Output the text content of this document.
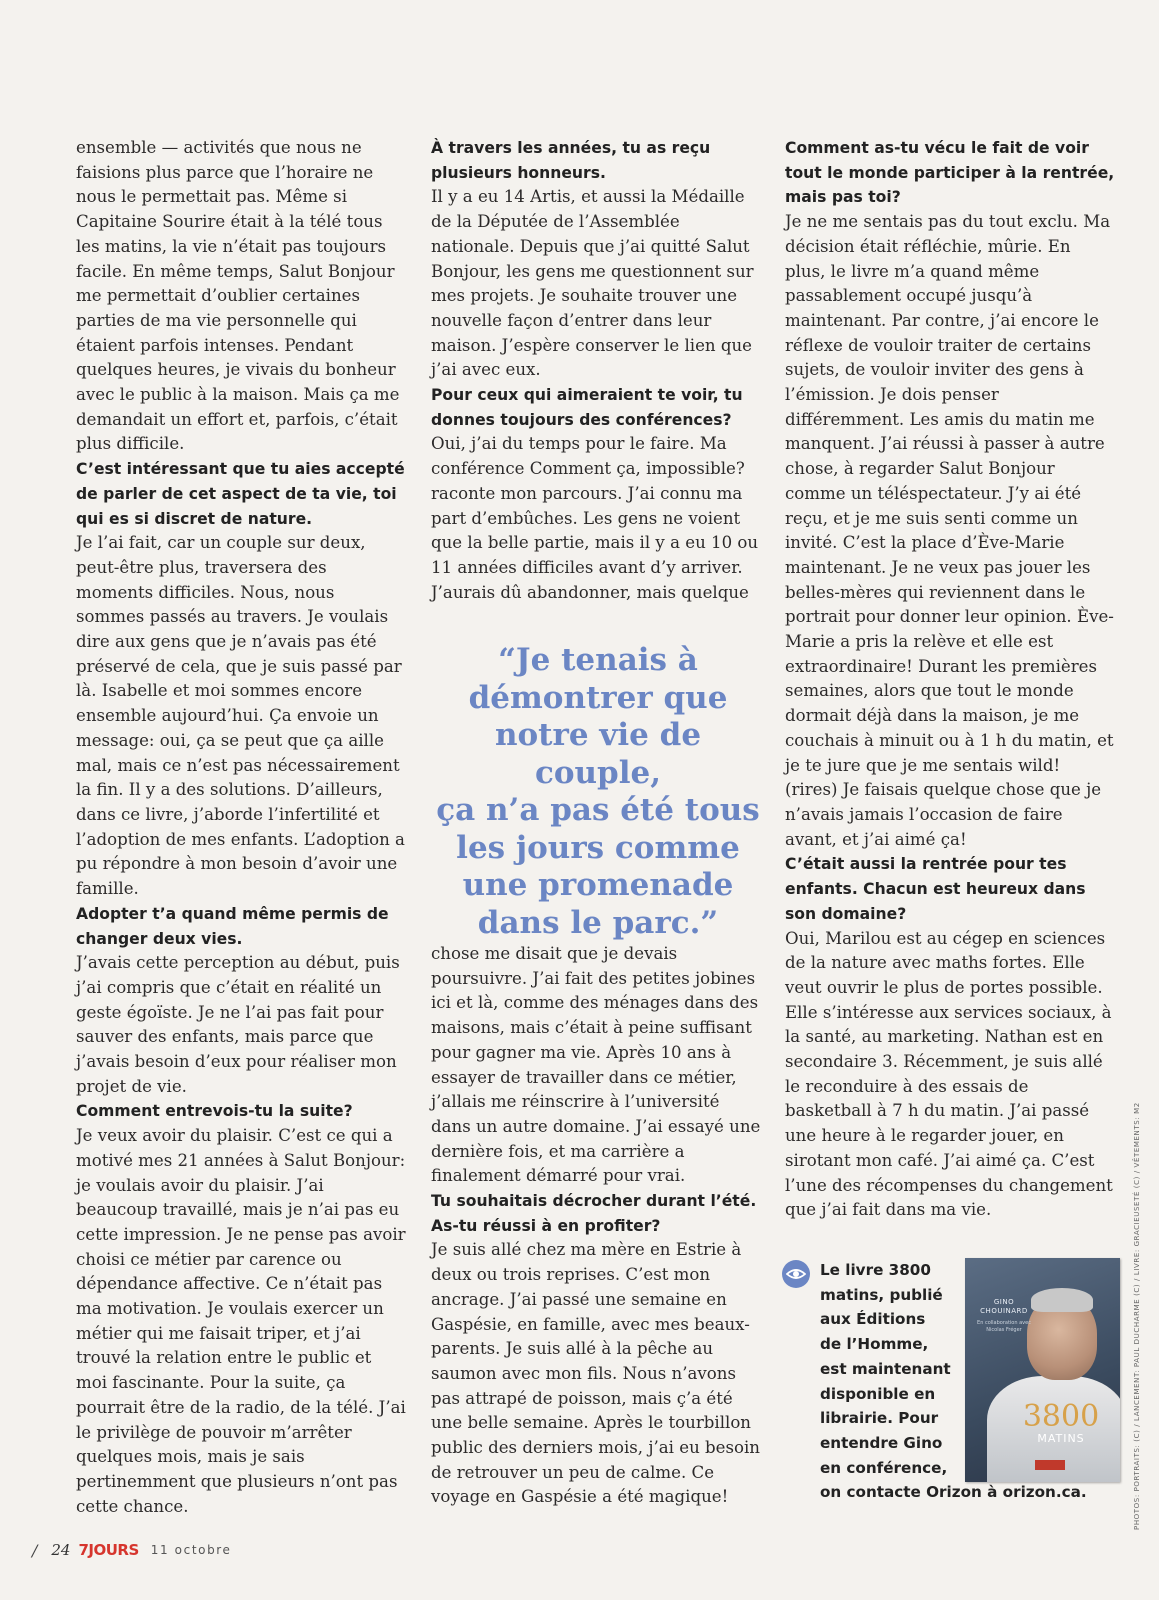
ensemble — activités que nous ne faisions plus parce que l’horaire ne nous le permettait pas. Même si Capitaine Sourire était à la télé tous les matins, la vie n’était pas toujours facile. En même temps, Salut Bonjour me permettait d’oublier certaines parties de ma vie personnelle qui étaient parfois intenses. Pendant quelques heures, je vivais du bonheur avec le public à la maison. Mais ça me demandait un effort et, parfois, c’était plus difficile.

C’est intéressant que tu aies accepté de parler de cet aspect de ta vie, toi qui es si discret de nature.

Je l’ai fait, car un couple sur deux, peut-être plus, traversera des moments difficiles. Nous, nous sommes passés au travers. Je voulais dire aux gens que je n’avais pas été préservé de cela, que je suis passé par là. Isabelle et moi sommes encore ensemble aujourd’hui. Ça envoie un message: oui, ça se peut que ça aille mal, mais ce n’est pas nécessairement la fin. Il y a des solutions. D’ailleurs, dans ce livre, j’aborde l’infertilité et l’adoption de mes enfants. L’adoption a pu répondre à mon besoin d’avoir une famille.

Adopter t’a quand même permis de changer deux vies.

J’avais cette perception au début, puis j’ai compris que c’était en réalité un geste égoïste. Je ne l’ai pas fait pour sauver des enfants, mais parce que j’avais besoin d’eux pour réaliser mon projet de vie.

Comment entrevois-tu la suite?

Je veux avoir du plaisir. C’est ce qui a motivé mes 21 années à Salut Bonjour: je voulais avoir du plaisir. J’ai beaucoup travaillé, mais je n’ai pas eu cette impression. Je ne pense pas avoir choisi ce métier par carence ou dépendance affective. Ce n’était pas ma motivation. Je voulais exercer un métier qui me faisait triper, et j’ai trouvé la relation entre le public et moi fascinante. Pour la suite, ça pourrait être de la radio, de la télé. J’ai le privilège de pouvoir m’arrêter quelques mois, mais je sais pertinemment que plusieurs n’ont pas cette chance.

À travers les années, tu as reçu plusieurs honneurs.

Il y a eu 14 Artis, et aussi la Médaille de la Députée de l’Assemblée nationale. Depuis que j’ai quitté Salut Bonjour, les gens me questionnent sur mes projets. Je souhaite trouver une nouvelle façon d’entrer dans leur maison. J’espère conserver le lien que j’ai avec eux.

Pour ceux qui aimeraient te voir, tu donnes toujours des conférences?

Oui, j’ai du temps pour le faire. Ma conférence Comment ça, impossible? raconte mon parcours. J’ai connu ma part d’embûches. Les gens ne voient que la belle partie, mais il y a eu 10 ou 11 années difficiles avant d’y arriver. J’aurais dû abandonner, mais quelque

“Je tenais à

démontrer que

notre vie de couple,

ça n’a pas été tous

les jours comme

une promenade

dans le parc.”

chose me disait que je devais poursuivre. J’ai fait des petites jobines ici et là, comme des ménages dans des maisons, mais c’était à peine suffisant pour gagner ma vie. Après 10 ans à essayer de travailler dans ce métier, j’allais me réinscrire à l’université dans un autre domaine. J’ai essayé une dernière fois, et ma carrière a finalement démarré pour vrai.

Tu souhaitais décrocher durant l’été. As-tu réussi à en profiter?

Je suis allé chez ma mère en Estrie à deux ou trois reprises. C’est mon ancrage. J’ai passé une semaine en Gaspésie, en famille, avec mes beaux-parents. Je suis allé à la pêche au saumon avec mon fils. Nous n’avons pas attrapé de poisson, mais ç’a été une belle semaine. Après le tourbillon public des derniers mois, j’ai eu besoin de retrouver un peu de calme. Ce voyage en Gaspésie a été magique!

Comment as-tu vécu le fait de voir tout le monde participer à la rentrée, mais pas toi?

Je ne me sentais pas du tout exclu. Ma décision était réfléchie, mûrie. En plus, le livre m’a quand même passablement occupé jusqu’à maintenant. Par contre, j’ai encore le réflexe de vouloir traiter de certains sujets, de vouloir inviter des gens à l’émission. Je dois penser différemment. Les amis du matin me manquent. J’ai réussi à passer à autre chose, à regarder Salut Bonjour comme un téléspectateur. J’y ai été reçu, et je me suis senti comme un invité. C’est la place d’Ève-Marie maintenant. Je ne veux pas jouer les belles-mères qui reviennent dans le portrait pour donner leur opinion. Ève-Marie a pris la relève et elle est extraordinaire! Durant les premières semaines, alors que tout le monde dormait déjà dans la maison, je me couchais à minuit ou à 1 h du matin, et je te jure que je me sentais wild! (rires) Je faisais quelque chose que je n’avais jamais l’occasion de faire avant, et j’ai aimé ça!

C’était aussi la rentrée pour tes enfants. Chacun est heureux dans son domaine?

Oui, Marilou est au cégep en sciences de la nature avec maths fortes. Elle veut ouvrir le plus de portes possible. Elle s’intéresse aux services sociaux, à la santé, au marketing. Nathan est en secondaire 3. Récemment, je suis allé le reconduire à des essais de basketball à 7 h du matin. J’ai passé une heure à le regarder jouer, en sirotant mon café. J’ai aimé ça. C’est l’une des récompenses du changement que j’ai fait dans ma vie.

Le livre 3800

matins, publié

aux Éditions

de l’Homme,

est maintenant

disponible en

librairie. Pour

entendre Gino

en conférence,

on contacte Orizon à orizon.ca.

GINO CHOUINARD
En collaboration avec Nicolas Fréger
3800
MATINS
/ 24 7JOURS 11 octobre
PHOTOS: PORTRAITS: (C) / LANCEMENT: PAUL DUCHARME (C) / LIVRE: GRACIEUSETÉ (C) / VÊTEMENTS: M2
